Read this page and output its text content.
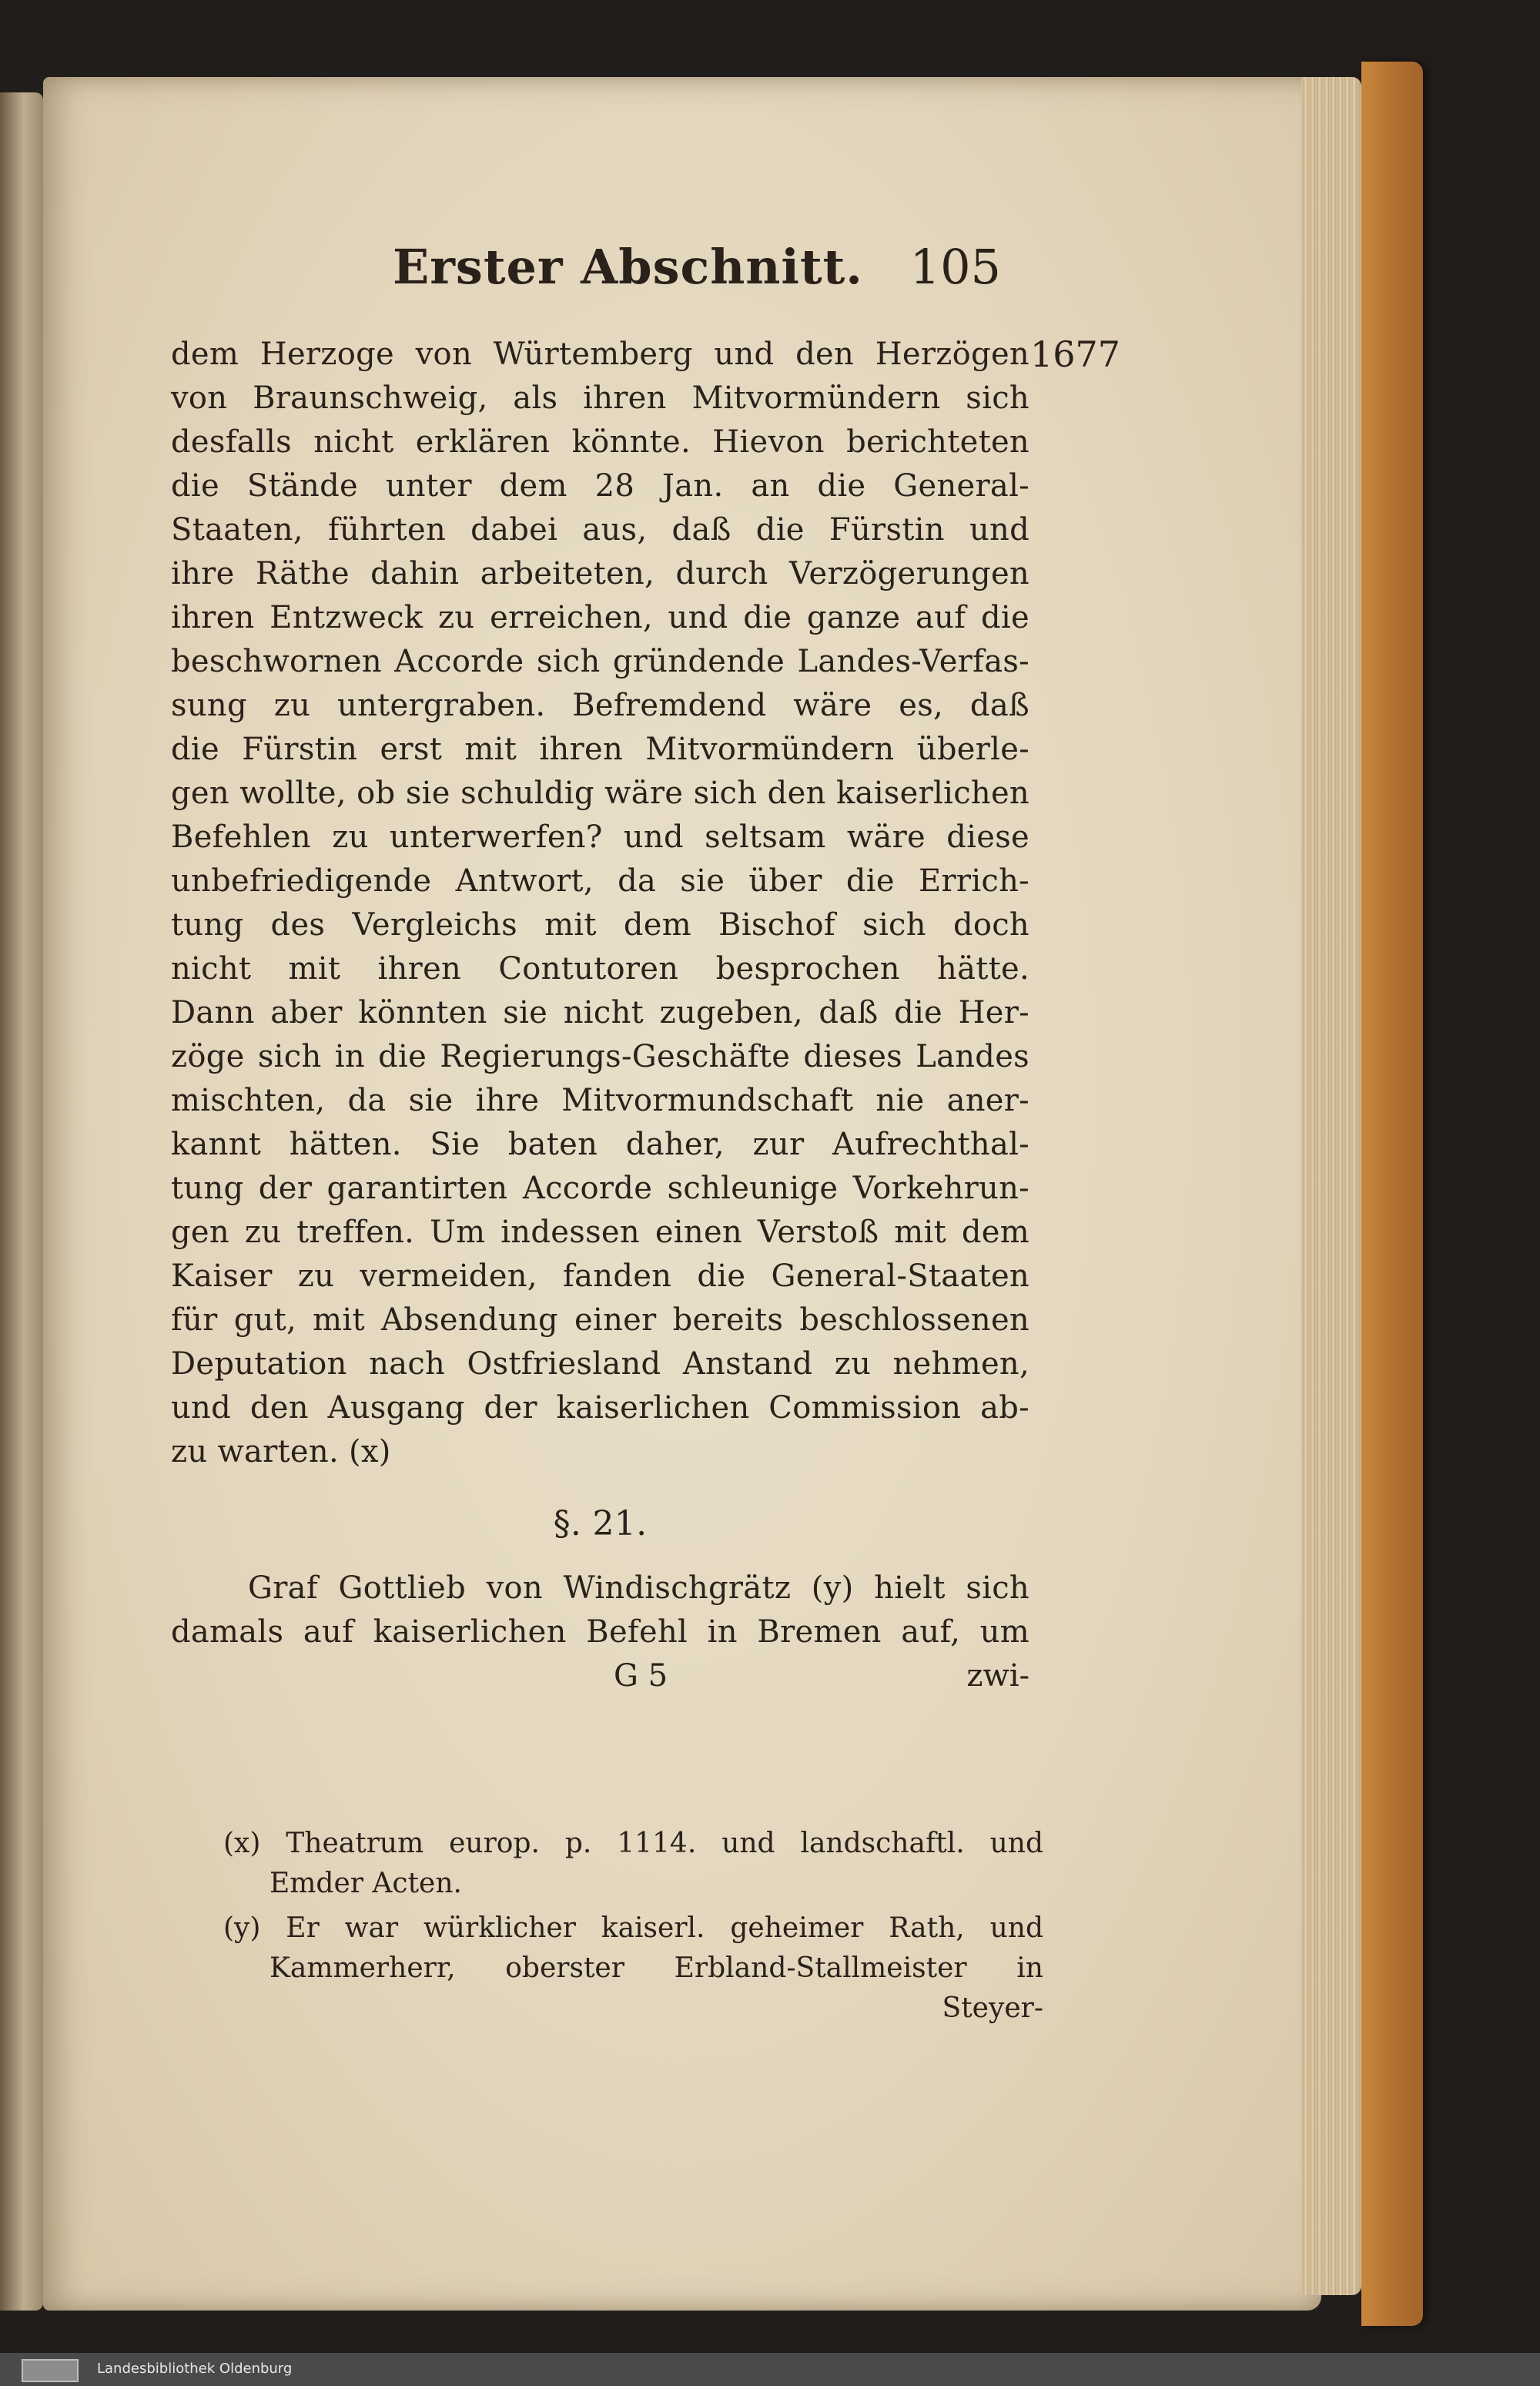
Erster Abschnitt. 105
1677
dem Herzoge von Würtemberg und den Herzögen
von Braunschweig, als ihren Mitvormündern sich
desfalls nicht erklären könnte. Hievon berichteten
die Stände unter dem 28 Jan. an die General-
Staaten, führten dabei aus, daß die Fürstin und
ihre Räthe dahin arbeiteten, durch Verzögerungen
ihren Entzweck zu erreichen, und die ganze auf die
beschwornen Accorde sich gründende Landes-Verfas-
sung zu untergraben. Befremdend wäre es, daß
die Fürstin erst mit ihren Mitvormündern überle-
gen wollte, ob sie schuldig wäre sich den kaiserlichen
Befehlen zu unterwerfen? und seltsam wäre diese
unbefriedigende Antwort, da sie über die Errich-
tung des Vergleichs mit dem Bischof sich doch
nicht mit ihren Contutoren besprochen hätte.
Dann aber könnten sie nicht zugeben, daß die Her-
zöge sich in die Regierungs-Geschäfte dieses Landes
mischten, da sie ihre Mitvormundschaft nie aner-
kannt hätten. Sie baten daher, zur Aufrechthal-
tung der garantirten Accorde schleunige Vorkehrun-
gen zu treffen. Um indessen einen Verstoß mit dem
Kaiser zu vermeiden, fanden die General-Staaten
für gut, mit Absendung einer bereits beschlossenen
Deputation nach Ostfriesland Anstand zu nehmen,
und den Ausgang der kaiserlichen Commission ab-
zu warten. (x)
§. 21.
Graf Gottlieb von Windischgrätz (y) hielt sich
damals auf kaiserlichen Befehl in Bremen auf, um
G 5	zwi-
(x) Theatrum europ. p. 1114. und landschaftl. und
Emder Acten.
(y) Er war würklicher kaiserl. geheimer Rath, und
Kammerherr, oberster Erbland-Stallmeister in
Steyer-
Landesbibliothek Oldenburg
